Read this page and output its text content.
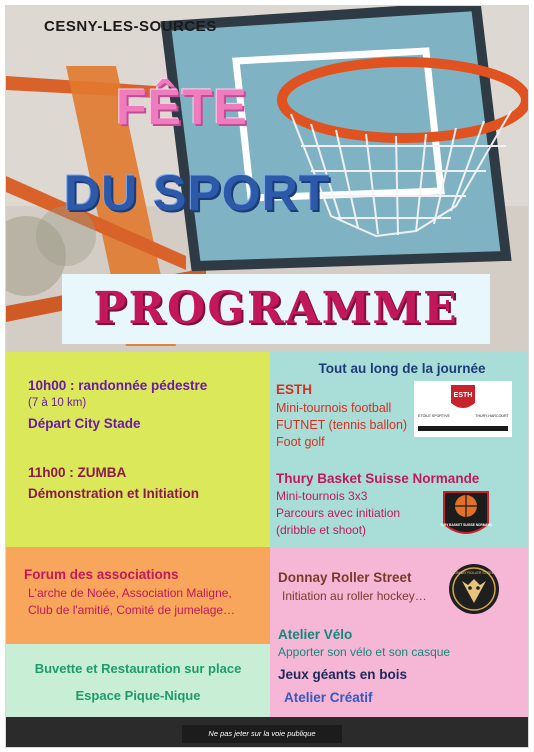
CESNY-LES-SOURCES
FÊTE
DU SPORT
PROGRAMME
10h00 : randonnée pédestre
(7 à 10 km)
Départ City Stade
11h00 : ZUMBA
Démonstration et Initiation
Tout au long de la journée
ESTH
Mini-tournois football
FUTNET (tennis ballon)
Foot golf
ESTH
ETOILE SPORTIVE	THURY-HARCOURT
Thury Basket Suisse Normande
Mini-tournois 3x3
Parcours avec initiation
(dribble et shoot)	THURY BASKET SUISSE NORMANDE
Forum des associations
L'arche de Noée, Association Maligne,
Club de l'amitié, Comité de jumelage…
Buvette et Restauration sur place
Espace Pique-Nique
Donnay Roller Street
Initiation au roller hockey…
DONNAY ROLLER STREET
Atelier Vélo
Apporter son vélo et son casque
Jeux géants en bois
Atelier Créatif
Ne pas jeter sur la voie publique
